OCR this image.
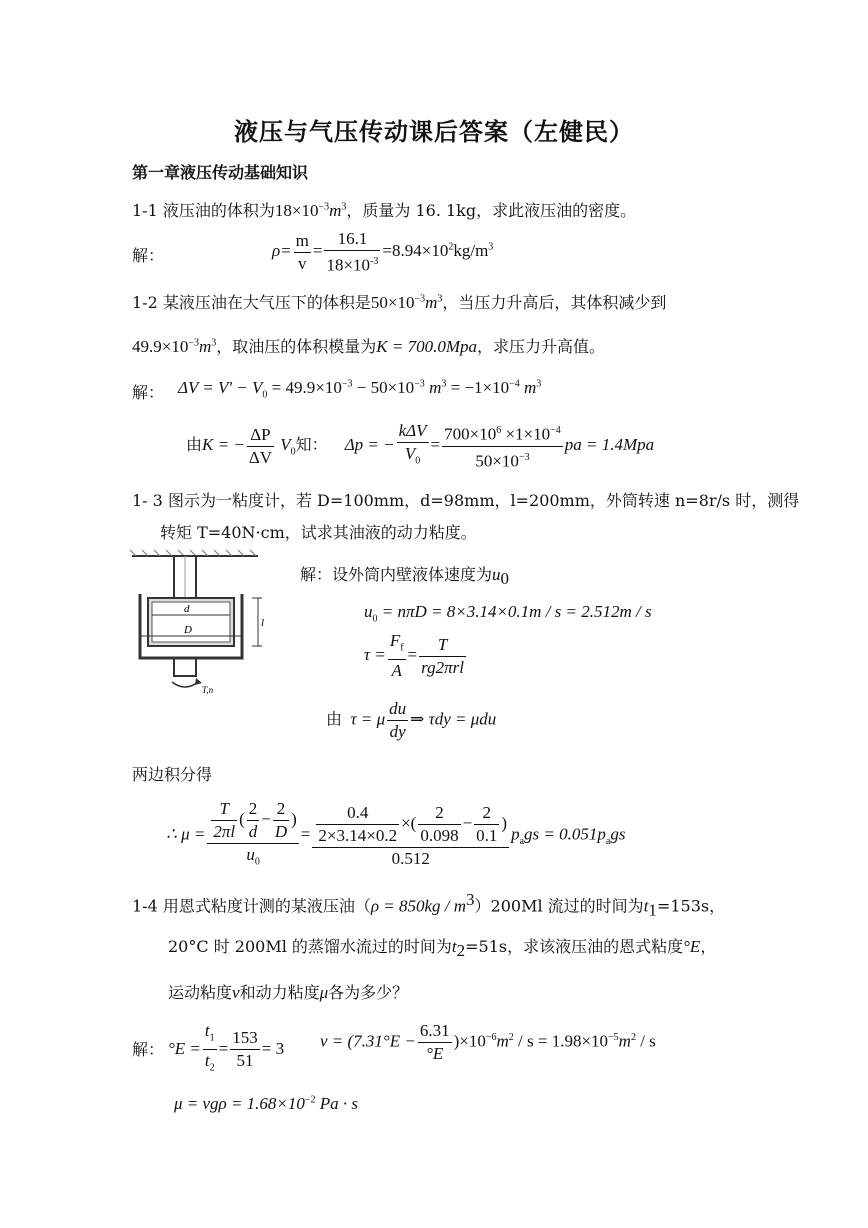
液压与气压传动课后答案（左健民）
第一章液压传动基础知识
1-1 液压油的体积为$18\times 10^{-3}m^3$，质量为 16. 1kg，求此液压油的密度。
解：	$\rho= \frac{m}{v} = \frac{16.1}{18\times 10^{-3}} =8.94\times 10^2kg/m^3$
1-2 某液压油在大气压下的体积是$50\times 10^{-3}m^3$，当压力升高后，其体积减少到
$49.9\times 10^{-3}m^3$，取油压的体积模量为K = 700.0Mpa，求压力升高值。
解： $\Delta V = V' - V_0 = 49.9\times 10^{-3} - 50\times 10^{-3}$ $m^3 = -1\times 10^{-4}$ $m^3$
由K = − $\frac{\Delta P}{\Delta V} V_0$知： Δp = − $\frac{\text{kΔV}}{V_0} = \frac{700\times 10^6 \times 1\times 10^{-4}}{50\times 10^{-3}}$ pa = 1.4Mpa
1- 3 图示为一粘度计，若 D=100mm，d=98mm，l=200mm，外筒转速 n=8r/s 时，测得
转矩 T=40N·cm，试求其油液的动力粘度。
d
D
l
T,n
解：设外筒内壁液体速度为$u_0$
$u_0 = n\pi D = 8\times 3.14\times 0.1m / s = 2.512m / s$
$\tau = \frac{F_f}{A} = \frac{T}{\text{rg2πrl}}$
由 τ = μ $\frac{du}{dy}$ ⇒ τdy = μdu
两边积分得
∴ $\mu = \frac{\frac{T}{2\pi l} ( \frac{2}{d} - \frac{2}{D} )}{u_0} = \frac{\frac{0.4}{2\times 3.14\times 0.2} \times( \frac{2}{0.098} - \frac{2}{0.1} )}{0.512} p_ags = 0.051p_ags$
1-4 用恩式粘度计测的某液压油$(\rho = 850kg / m^3)200Ml$ 流过的时间为$t_1=153s$，
20°C 时 200Ml 的蒸馏水流过的时间为$t_2=51s$，求该液压油的恩式粘度°E，
运动粘度ν和动力粘度μ各为多少？
解： $^\circ E = \frac{t_1}{t_2} = \frac{153}{51} = 3$ $\nu = (7.31^\circ E - \frac{6.31}{^\circ E} )\times 10^{-6}m^2 / s = 1.98\times 10^{-5}m^2 / s$
$\mu = \nu g\rho = 1.68\times 10^{-2}$ Pa · s
